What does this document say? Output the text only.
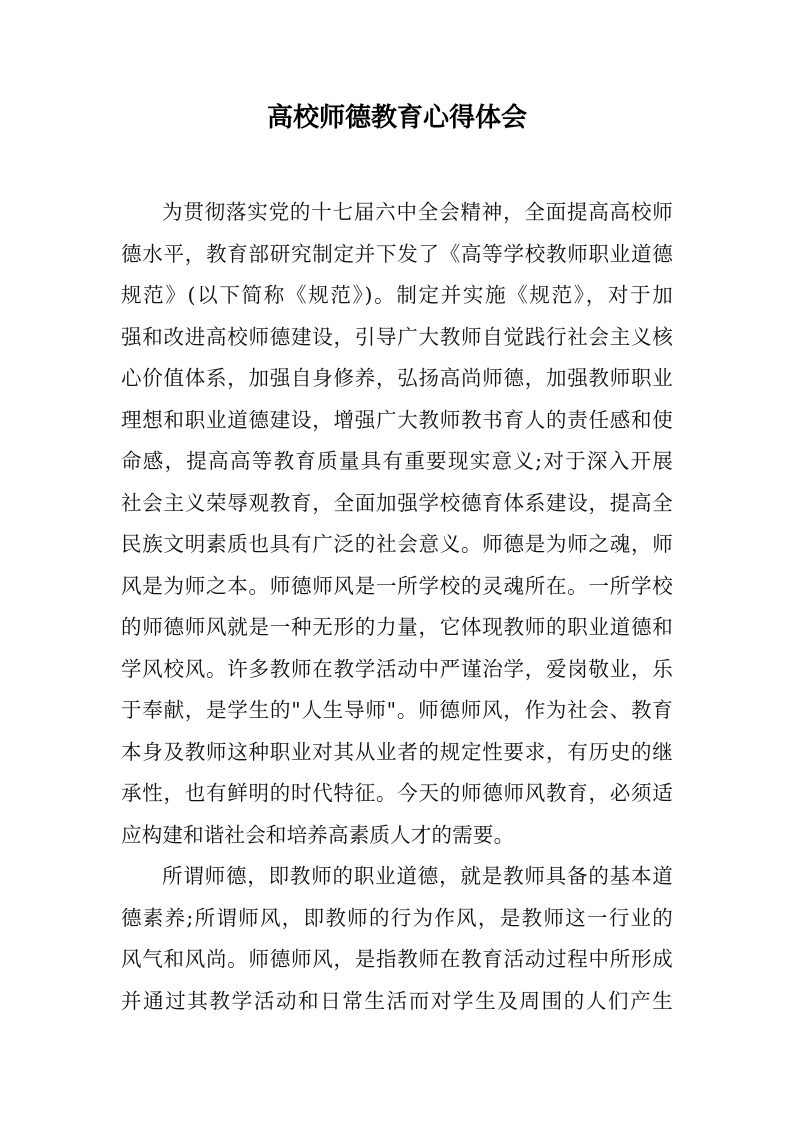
高校师德教育心得体会

为贯彻落实党的十七届六中全会精神，全面提高高校师
德水平，教育部研究制定并下发了《高等学校教师职业道德
规范》(以下简称《规范》)。制定并实施《规范》，对于加
强和改进高校师德建设，引导广大教师自觉践行社会主义核
心价值体系，加强自身修养，弘扬高尚师德，加强教师职业
理想和职业道德建设，增强广大教师教书育人的责任感和使
命感，提高高等教育质量具有重要现实意义;对于深入开展
社会主义荣辱观教育，全面加强学校德育体系建设，提高全
民族文明素质也具有广泛的社会意义。师德是为师之魂，师
风是为师之本。师德师风是一所学校的灵魂所在。一所学校
的师德师风就是一种无形的力量，它体现教师的职业道德和
学风校风。许多教师在教学活动中严谨治学，爱岗敬业，乐
于奉献，是学生的"人生导师"。师德师风，作为社会、教育
本身及教师这种职业对其从业者的规定性要求，有历史的继
承性，也有鲜明的时代特征。今天的师德师风教育，必须适
应构建和谐社会和培养高素质人才的需要。

所谓师德，即教师的职业道德，就是教师具备的基本道
德素养;所谓师风，即教师的行为作风，是教师这一行业的
风气和风尚。师德师风，是指教师在教育活动过程中所形成
并通过其教学活动和日常生活而对学生及周围的人们产生
